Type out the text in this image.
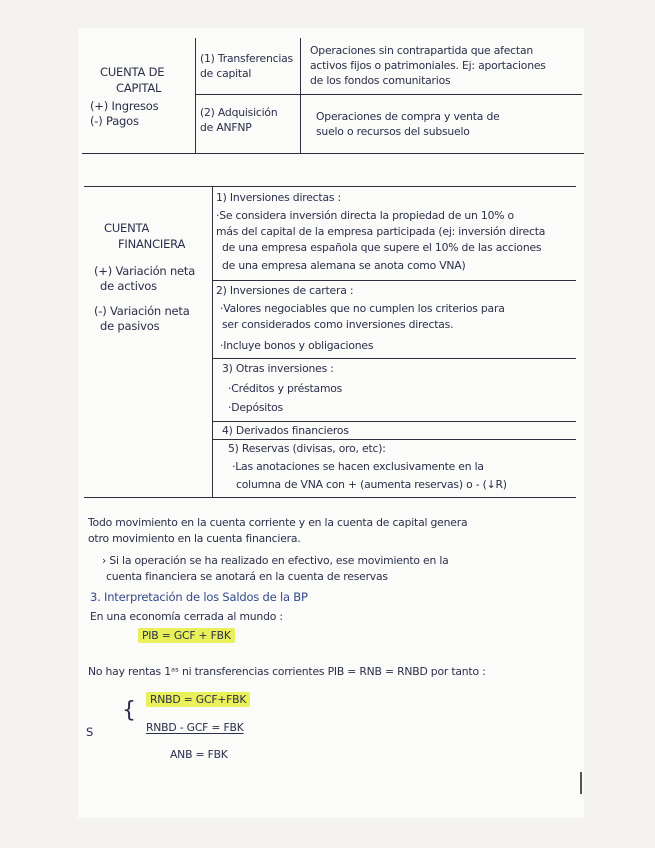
CUENTA DE
CAPITAL
(+) Ingresos
(-) Pagos
(1) Transferencias
de capital
Operaciones sin contrapartida que afectan
activos fijos o patrimoniales. Ej: aportaciones
de los fondos comunitarios
(2) Adquisición
de ANFNP
Operaciones de compra y venta de
suelo o recursos del subsuelo
CUENTA
FINANCIERA
(+) Variación neta
de activos
(-) Variación neta
de pasivos
1) Inversiones directas :
·Se considera inversión directa la propiedad de un 10% o
más del capital de la empresa participada (ej: inversión directa
de una empresa española que supere el 10% de las acciones
de una empresa alemana se anota como VNA)
2) Inversiones de cartera :
·Valores negociables que no cumplen los criterios para
ser considerados como inversiones directas.
·Incluye bonos y obligaciones
3) Otras inversiones :
·Créditos y préstamos
·Depósitos
4) Derivados financieros
5) Reservas (divisas, oro, etc):
·Las anotaciones se hacen exclusivamente en la
columna de VNA con + (aumenta reservas) o - (↓R)
Todo movimiento en la cuenta corriente y en la cuenta de capital genera
otro movimiento en la cuenta financiera.
› Si la operación se ha realizado en efectivo, ese movimiento en la
cuenta financiera se anotará en la cuenta de reservas
3. Interpretación de los Saldos de la BP
En una economía cerrada al mundo :
PIB = GCF + FBK
No hay rentas 1ᵃˢ ni transferencias corrientes PIB = RNB = RNBD por tanto :
{	RNBD = GCF+FBK
S	RNBD - GCF = FBK
ANB = FBK
